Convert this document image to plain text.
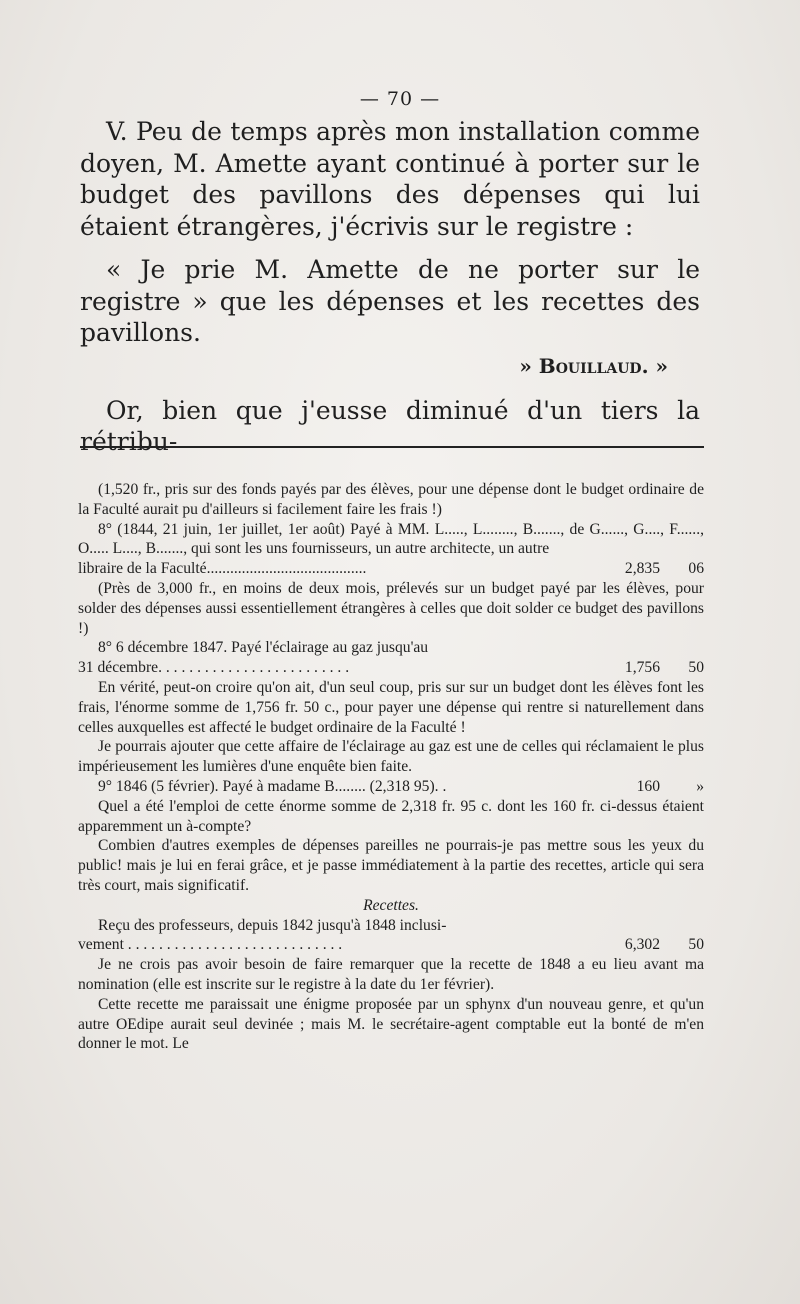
— 70 —

V. Peu de temps après mon installation comme doyen, M. Amette ayant continué à porter sur le budget des pavillons des dépenses qui lui étaient étrangères, j'écrivis sur le registre :

« Je prie M. Amette de ne porter sur le registre » que les dépenses et les recettes des pavillons.

» Bouillaud. »

Or, bien que j'eusse diminué d'un tiers la rétribu-

(1,520 fr., pris sur des fonds payés par des élèves, pour une dépense dont le budget ordinaire de la Faculté aurait pu d'ailleurs si facilement faire les frais !)

8° (1844, 21 juin, 1er juillet, 1er août) Payé à MM. L....., L........, B......., de G......, G...., F......, O..... L...., B......., qui sont les uns fournisseurs, un autre architecte, un autre

libraire de la Faculté.........................................	2,835	06

(Près de 3,000 fr., en moins de deux mois, prélevés sur un budget payé par les élèves, pour solder des dépenses aussi essentiellement étrangères à celles que doit solder ce budget des pavillons !)

8° 6 décembre 1847. Payé l'éclairage au gaz jusqu'au

31 décembre. . . . . . . . . . . . . . . . . . . . . . . . .	1,756	50

En vérité, peut-on croire qu'on ait, d'un seul coup, pris sur sur un budget dont les élèves font les frais, l'énorme somme de 1,756 fr. 50 c., pour payer une dépense qui rentre si naturellement dans celles auxquelles est affecté le budget ordinaire de la Faculté !

Je pourrais ajouter que cette affaire de l'éclairage au gaz est une de celles qui réclamaient le plus impérieusement les lumières d'une enquête bien faite.

9° 1846 (5 février). Payé à madame B........ (2,318 95). .	160	»

Quel a été l'emploi de cette énorme somme de 2,318 fr. 95 c. dont les 160 fr. ci-dessus étaient apparemment un à-compte?

Combien d'autres exemples de dépenses pareilles ne pourrais-je pas mettre sous les yeux du public! mais je lui en ferai grâce, et je passe immédiatement à la partie des recettes, article qui sera très court, mais significatif.

Recettes.

Reçu des professeurs, depuis 1842 jusqu'à 1848 inclusi-

vement . . . . . . . . . . . . . . . . . . . . . . . . . . . .	6,302	50

Je ne crois pas avoir besoin de faire remarquer que la recette de 1848 a eu lieu avant ma nomination (elle est inscrite sur le registre à la date du 1er février).

Cette recette me paraissait une énigme proposée par un sphynx d'un nouveau genre, et qu'un autre OEdipe aurait seul devinée ; mais M. le secrétaire-agent comptable eut la bonté de m'en donner le mot. Le
